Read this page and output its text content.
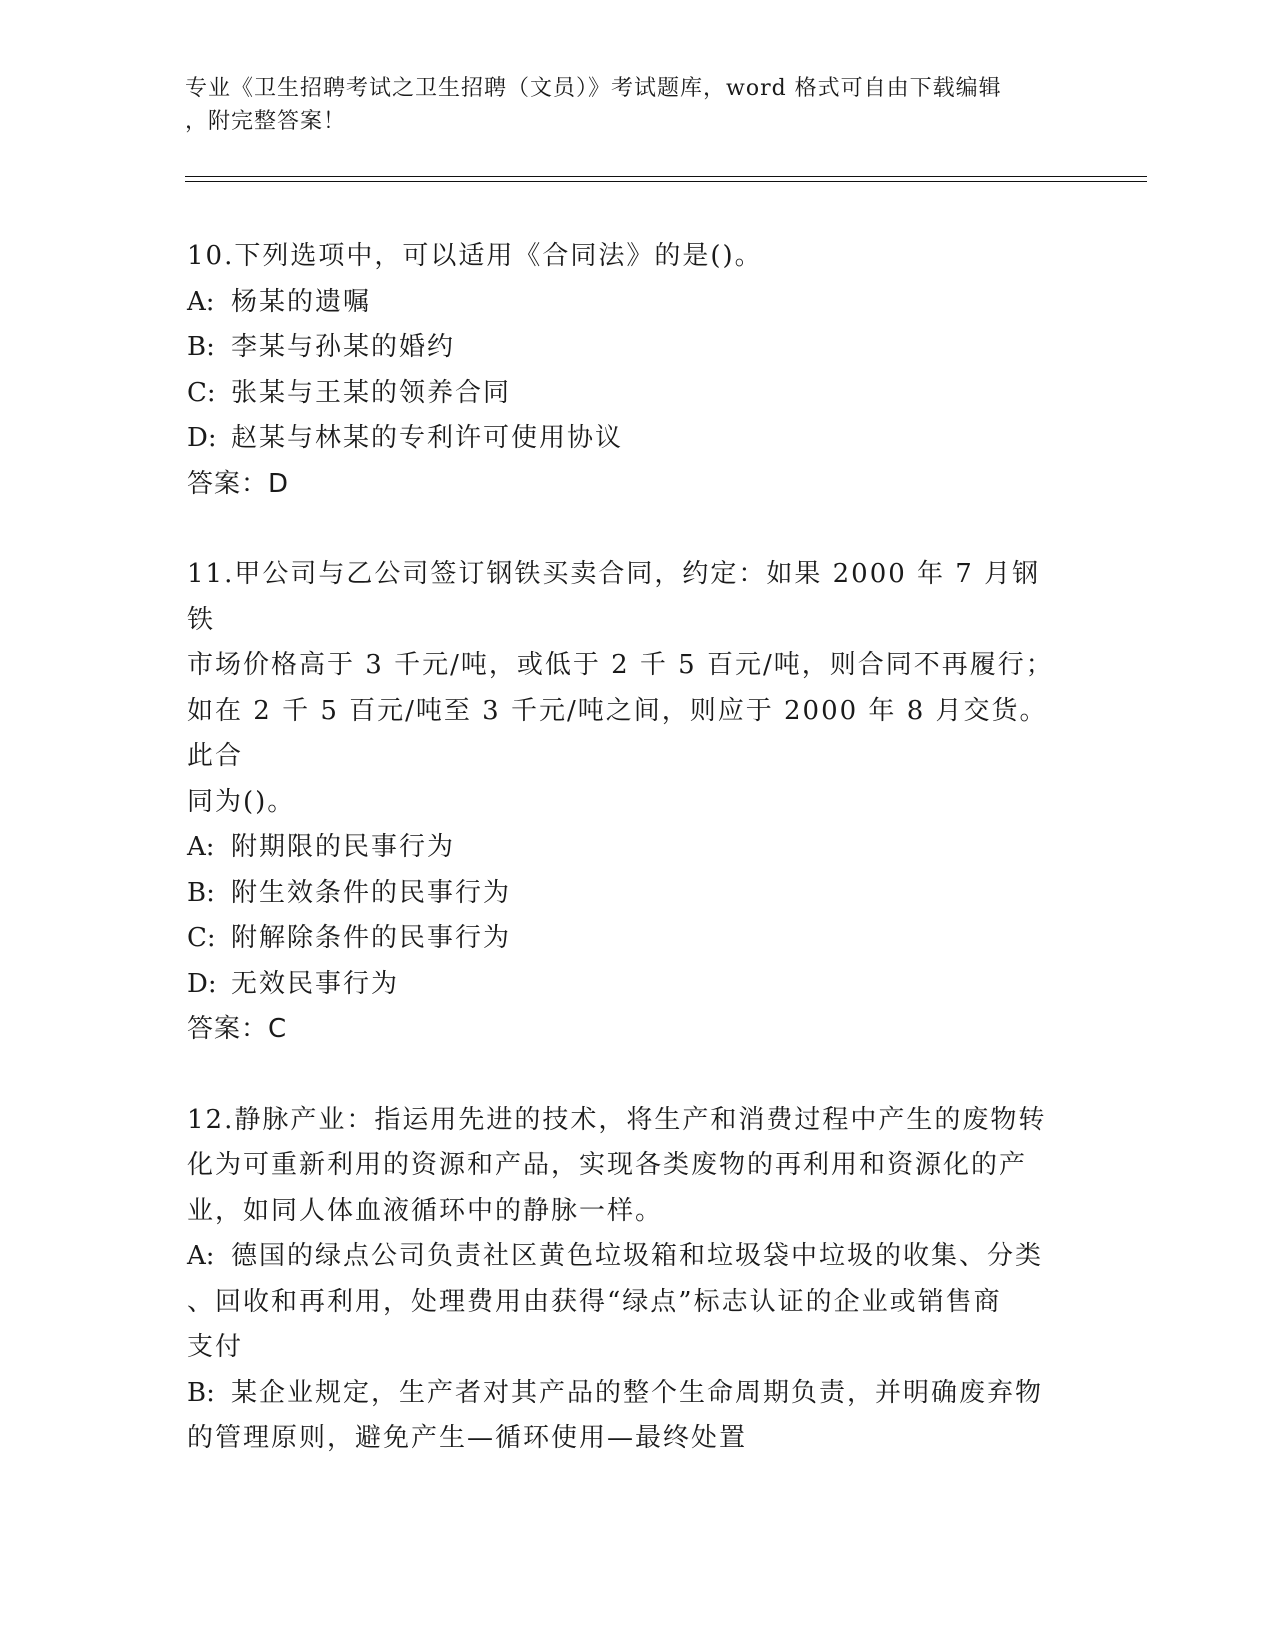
专业《卫生招聘考试之卫生招聘（文员）》考试题库，word 格式可自由下载编辑
，附完整答案！
10.下列选项中，可以适用《合同法》的是()。
A: 杨某的遗嘱
B: 李某与孙某的婚约
C: 张某与王某的领养合同
D: 赵某与林某的专利许可使用协议
答案：D
11.甲公司与乙公司签订钢铁买卖合同，约定：如果 2000 年 7 月钢铁
市场价格高于 3 千元/吨，或低于 2 千 5 百元/吨，则合同不再履行；
如在 2 千 5 百元/吨至 3 千元/吨之间，则应于 2000 年 8 月交货。此合
同为()。
A: 附期限的民事行为
B: 附生效条件的民事行为
C: 附解除条件的民事行为
D: 无效民事行为
答案：C
12.静脉产业：指运用先进的技术，将生产和消费过程中产生的废物转
化为可重新利用的资源和产品，实现各类废物的再利用和资源化的产
业，如同人体血液循环中的静脉一样。
A: 德国的绿点公司负责社区黄色垃圾箱和垃圾袋中垃圾的收集、分类
、回收和再利用，处理费用由获得“绿点”标志认证的企业或销售商
支付
B: 某企业规定，生产者对其产品的整个生命周期负责，并明确废弃物
的管理原则，避免产生—循环使用—最终处置
